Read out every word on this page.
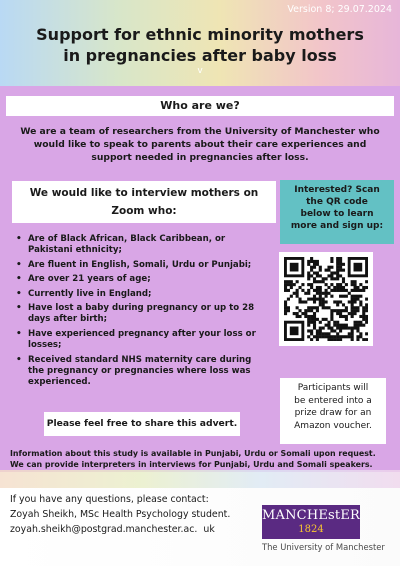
Version 8; 29.07.2024
Support for ethnic minority mothers
in pregnancies after baby loss
v
Who are we?
We are a team of researchers from the University of Manchester who
would like to speak to parents about their care experiences and
support needed in pregnancies after loss.
We would like to interview mothers on
Zoom who:
• Are of Black African, Black Caribbean, or
Pakistani ethnicity;
• Are fluent in English, Somali, Urdu or Punjabi;
• Are over 21 years of age;
• Currently live in England;
• Have lost a baby during pregnancy or up to 28
days after birth;
• Have experienced pregnancy after your loss or
losses;
• Received standard NHS maternity care during
the pregnancy or pregnancies where loss was
experienced.
Please feel free to share this advert.
Interested? Scan
the QR code
below to learn
more and sign up:
Participants will
be entered into a
prize draw for an
Amazon voucher.
Information about this study is available in Punjabi, Urdu or Somali upon request.
We can provide interpreters in interviews for Punjabi, Urdu and Somali speakers.
If you have any questions, please contact:
Zoyah Sheikh, MSc Health Psychology student.
zoyah.sheikh@postgrad.manchester.ac. uk
MANCHEstER
1824
The University of Manchester
